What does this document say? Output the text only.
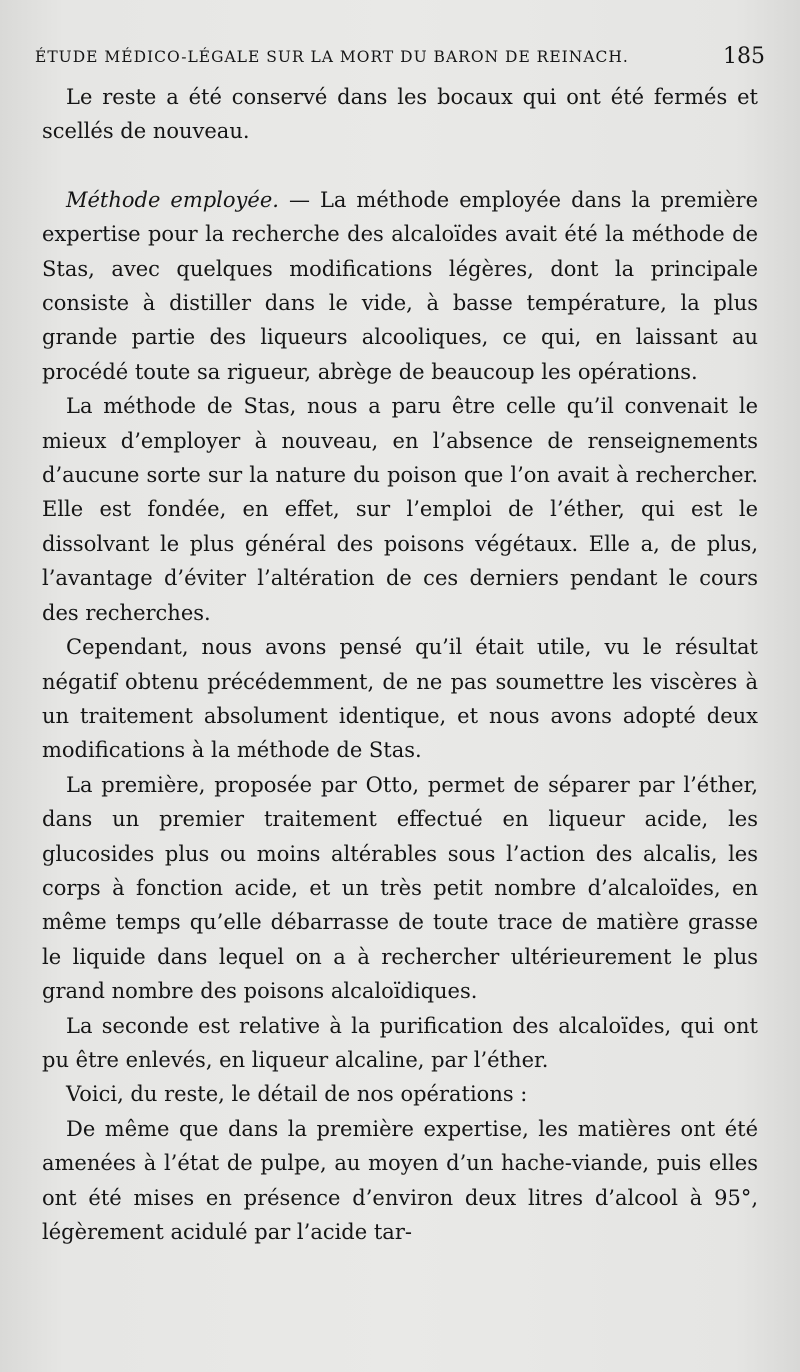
ÉTUDE MÉDICO-LÉGALE SUR LA MORT DU BARON DE REINACH.	185

Le reste a été conservé dans les bocaux qui ont été fermés et scellés de nouveau.

Méthode employée. — La méthode employée dans la première expertise pour la recherche des alcaloïdes avait été la méthode de Stas, avec quelques modifications légères, dont la principale consiste à distiller dans le vide, à basse température, la plus grande partie des liqueurs alcooliques, ce qui, en laissant au procédé toute sa rigueur, abrège de beaucoup les opérations.

La méthode de Stas, nous a paru être celle qu’il convenait le mieux d’employer à nouveau, en l’absence de renseignements d’aucune sorte sur la nature du poison que l’on avait à rechercher. Elle est fondée, en effet, sur l’emploi de l’éther, qui est le dissolvant le plus général des poisons végétaux. Elle a, de plus, l’avantage d’éviter l’altération de ces derniers pendant le cours des recherches.

Cependant, nous avons pensé qu’il était utile, vu le résultat négatif obtenu précédemment, de ne pas soumettre les viscères à un traitement absolument identique, et nous avons adopté deux modifications à la méthode de Stas.

La première, proposée par Otto, permet de séparer par l’éther, dans un premier traitement effectué en liqueur acide, les glucosides plus ou moins altérables sous l’action des alcalis, les corps à fonction acide, et un très petit nombre d’alcaloïdes, en même temps qu’elle débarrasse de toute trace de matière grasse le liquide dans lequel on a à rechercher ultérieurement le plus grand nombre des poisons alcaloïdiques.

La seconde est relative à la purification des alcaloïdes, qui ont pu être enlevés, en liqueur alcaline, par l’éther.

Voici, du reste, le détail de nos opérations :

De même que dans la première expertise, les matières ont été amenées à l’état de pulpe, au moyen d’un hache-viande, puis elles ont été mises en présence d’environ deux litres d’alcool à 95°, légèrement acidulé par l’acide tar-
